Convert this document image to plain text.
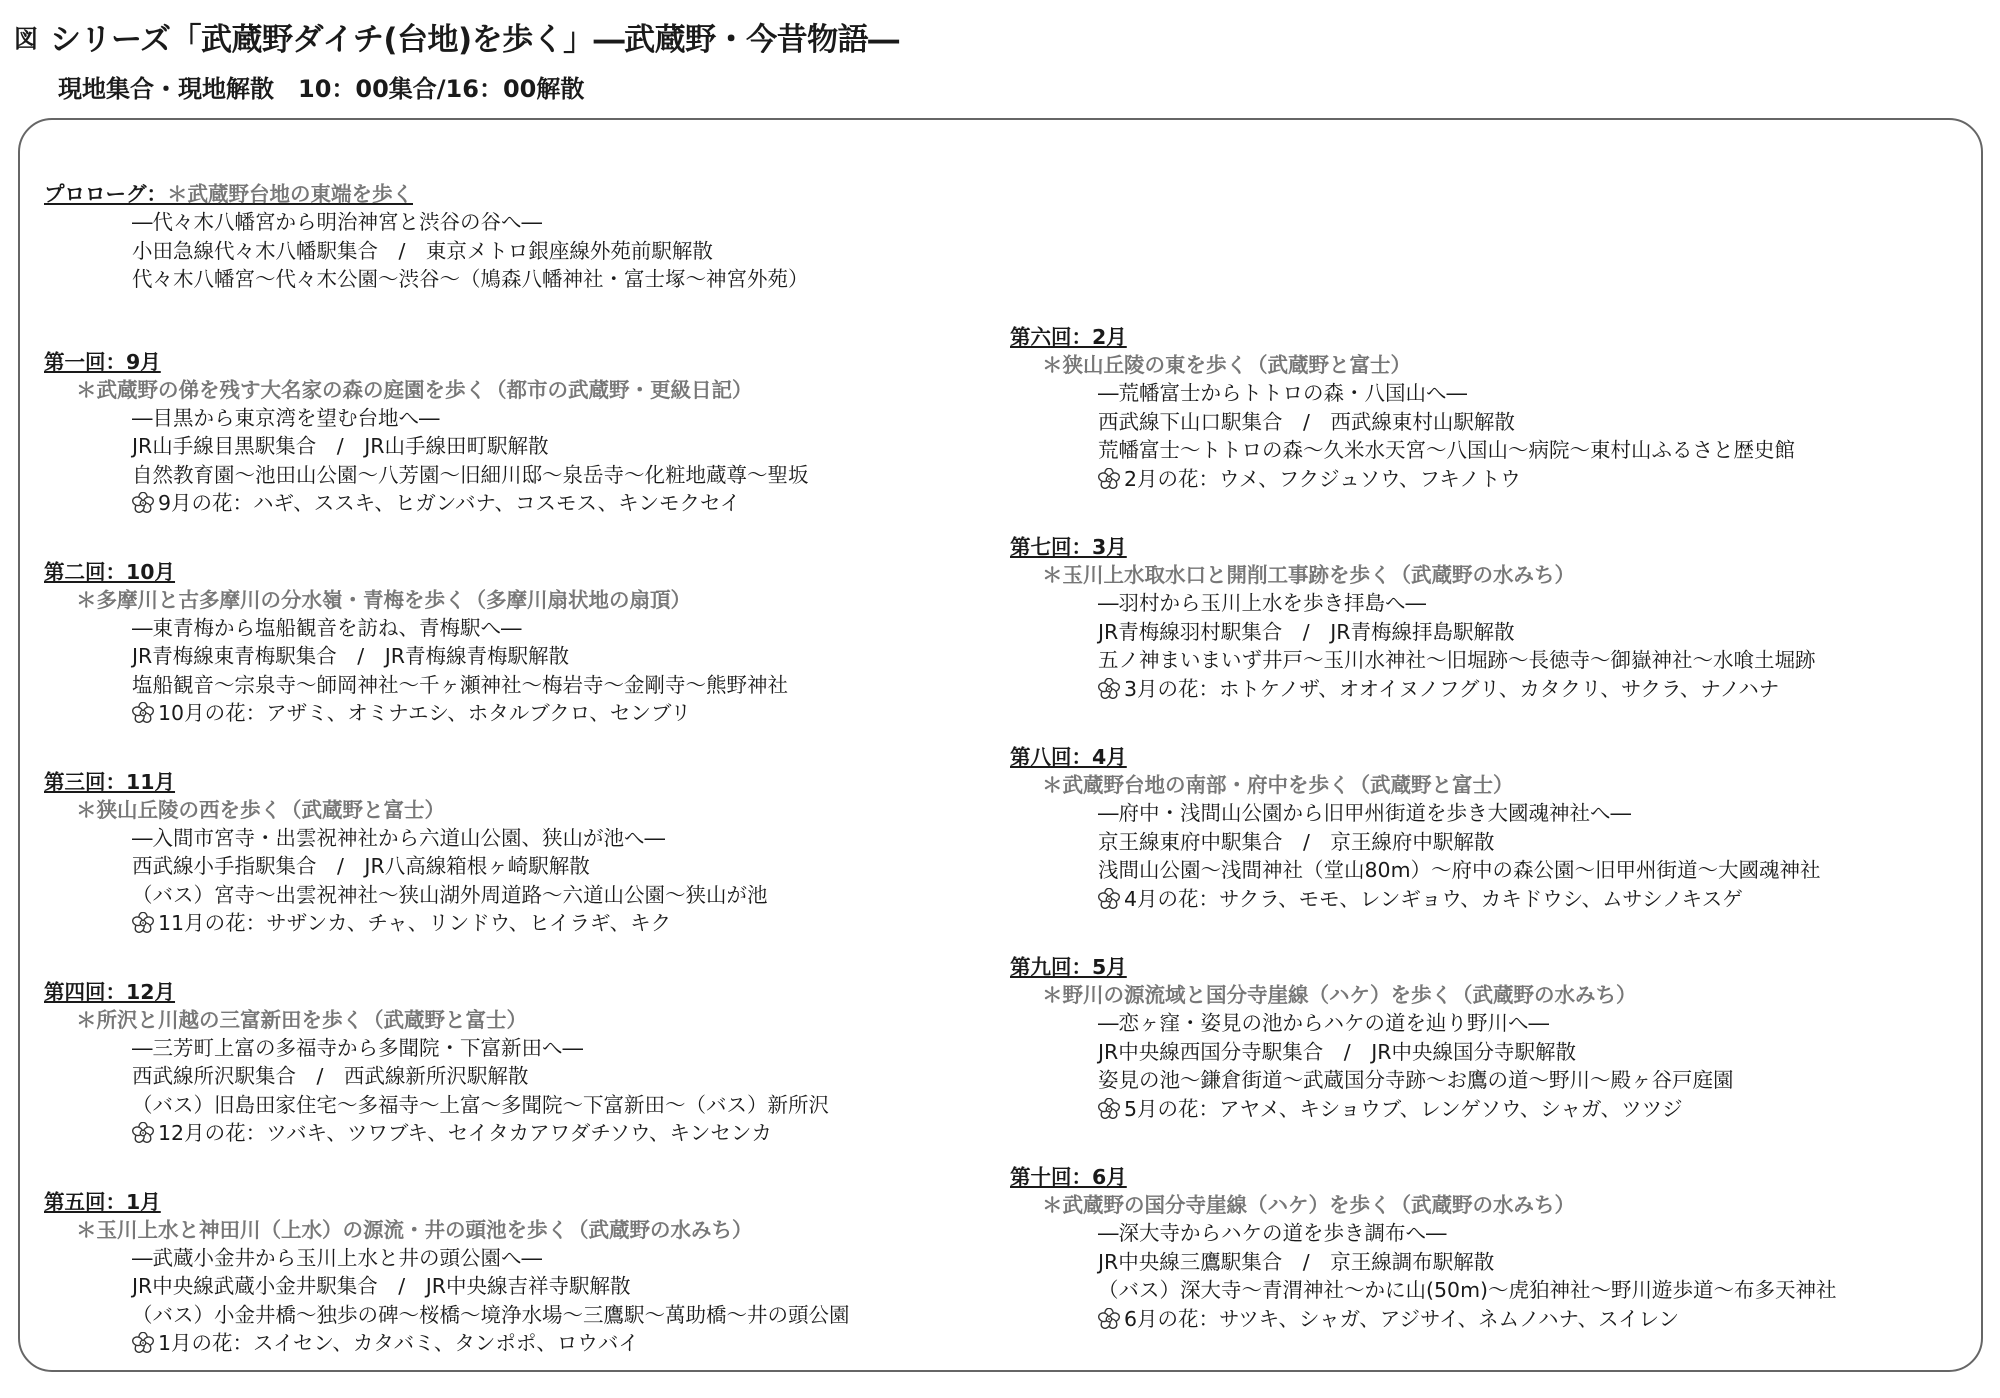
図 シリーズ「武蔵野ダイチ(台地)を歩く」―武蔵野・今昔物語―
現地集合・現地解散　10：00集合/16：00解散
プロローグ：＊武蔵野台地の東端を歩く
―代々木八幡宮から明治神宮と渋谷の谷へ―
小田急線代々木八幡駅集合　/　東京メトロ銀座線外苑前駅解散
代々木八幡宮～代々木公園～渋谷～（鳩森八幡神社・富士塚～神宮外苑）
第一回：9月
＊武蔵野の俤を残す大名家の森の庭園を歩く（都市の武蔵野・更級日記）
―目黒から東京湾を望む台地へ―
JR山手線目黒駅集合　/　JR山手線田町駅解散
自然教育園～池田山公園～八芳園～旧細川邸～泉岳寺～化粧地蔵尊～聖坂
9月の花：ハギ、ススキ、ヒガンバナ、コスモス、キンモクセイ
第二回：10月
＊多摩川と古多摩川の分水嶺・青梅を歩く（多摩川扇状地の扇頂）
―東青梅から塩船観音を訪ね、青梅駅へ―
JR青梅線東青梅駅集合　/　JR青梅線青梅駅解散
塩船観音～宗泉寺～師岡神社～千ヶ瀬神社～梅岩寺～金剛寺～熊野神社
10月の花：アザミ、オミナエシ、ホタルブクロ、センブリ
第三回：11月
＊狭山丘陵の西を歩く（武蔵野と富士）
―入間市宮寺・出雲祝神社から六道山公園、狭山が池へ―
西武線小手指駅集合　/　JR八高線箱根ヶ崎駅解散
（バス）宮寺～出雲祝神社～狭山湖外周道路～六道山公園～狭山が池
11月の花：サザンカ、チャ、リンドウ、ヒイラギ、キク
第四回：12月
＊所沢と川越の三富新田を歩く（武蔵野と富士）
―三芳町上富の多福寺から多聞院・下富新田へ―
西武線所沢駅集合　/　西武線新所沢駅解散
（バス）旧島田家住宅～多福寺～上富～多聞院～下富新田～（バス）新所沢
12月の花：ツバキ、ツワブキ、セイタカアワダチソウ、キンセンカ
第五回：1月
＊玉川上水と神田川（上水）の源流・井の頭池を歩く（武蔵野の水みち）
―武蔵小金井から玉川上水と井の頭公園へ―
JR中央線武蔵小金井駅集合　/　JR中央線吉祥寺駅解散
（バス）小金井橋～独歩の碑～桜橋～境浄水場～三鷹駅～萬助橋～井の頭公園
1月の花：スイセン、カタバミ、タンポポ、ロウバイ
第六回：2月
＊狭山丘陵の東を歩く（武蔵野と富士）
―荒幡富士からトトロの森・八国山へ―
西武線下山口駅集合　/　西武線東村山駅解散
荒幡富士～トトロの森～久米水天宮～八国山～病院～東村山ふるさと歴史館
2月の花：ウメ、フクジュソウ、フキノトウ
第七回：3月
＊玉川上水取水口と開削工事跡を歩く（武蔵野の水みち）
―羽村から玉川上水を歩き拝島へ―
JR青梅線羽村駅集合　/　JR青梅線拝島駅解散
五ノ神まいまいず井戸～玉川水神社～旧堀跡～長徳寺～御嶽神社～水喰土堀跡
3月の花：ホトケノザ、オオイヌノフグリ、カタクリ、サクラ、ナノハナ
第八回：4月
＊武蔵野台地の南部・府中を歩く（武蔵野と富士）
―府中・浅間山公園から旧甲州街道を歩き大國魂神社へ―
京王線東府中駅集合　/　京王線府中駅解散
浅間山公園～浅間神社（堂山80m）～府中の森公園～旧甲州街道～大國魂神社
4月の花：サクラ、モモ、レンギョウ、カキドウシ、ムサシノキスゲ
第九回：5月
＊野川の源流域と国分寺崖線（ハケ）を歩く（武蔵野の水みち）
―恋ヶ窪・姿見の池からハケの道を辿り野川へ―
JR中央線西国分寺駅集合　/　JR中央線国分寺駅解散
姿見の池～鎌倉街道～武蔵国分寺跡～お鷹の道～野川～殿ヶ谷戸庭園
5月の花：アヤメ、キショウブ、レンゲソウ、シャガ、ツツジ
第十回：6月
＊武蔵野の国分寺崖線（ハケ）を歩く（武蔵野の水みち）
―深大寺からハケの道を歩き調布へ―
JR中央線三鷹駅集合　/　京王線調布駅解散
（バス）深大寺～青渭神社～かに山(50m)～虎狛神社～野川遊歩道～布多天神社
6月の花：サツキ、シャガ、アジサイ、ネムノハナ、スイレン
